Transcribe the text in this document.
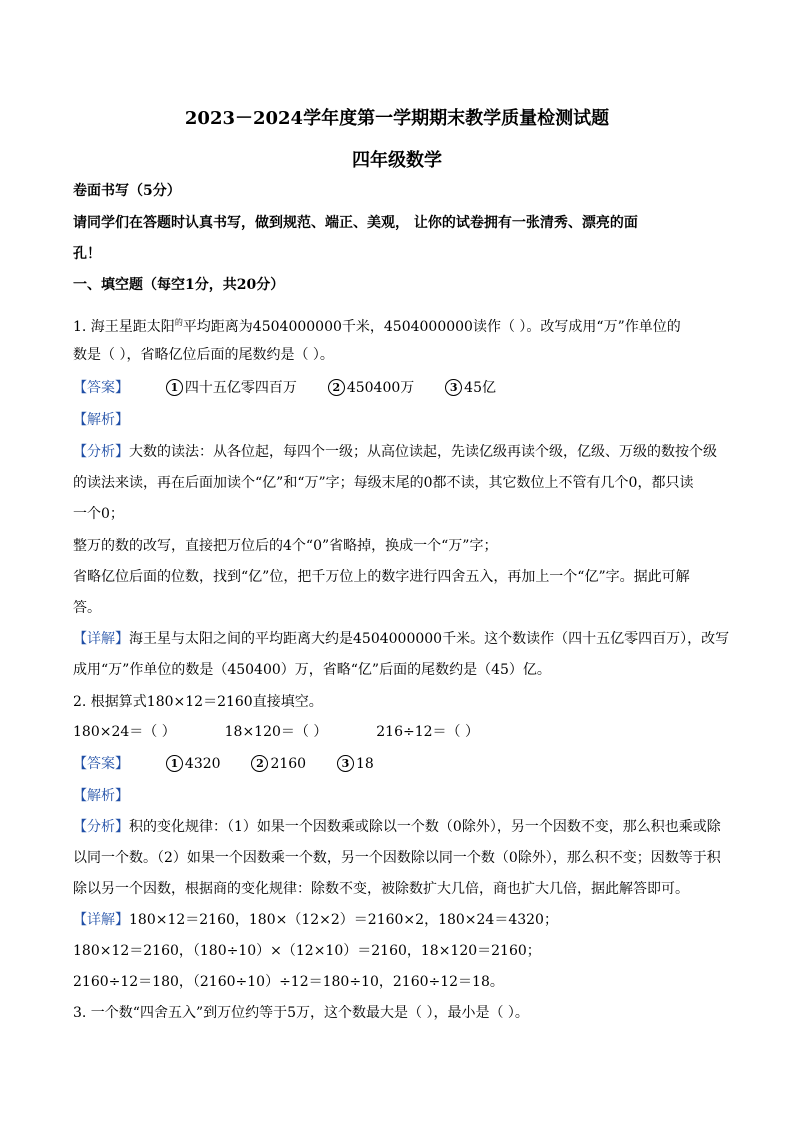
2023－2024学年度第一学期期末教学质量检测试题
四年级数学
卷面书写（5分）
请同学们在答题时认真书写，做到规范、端正、美观， 让你的试卷拥有一张清秀、漂亮的面
孔！
一、填空题（每空1分，共20分）
1. 海王星距太阳$^的$平均距离为4504000000千米，4504000000读作（ ）。改写成用“万”作单位的
数是（ ），省略亿位后面的尾数约是（ ）。
【答案】	1 四十五亿零四百万	2 450400万	3 45亿
【解析】
【分析】大数的读法：从各位起，每四个一级；从高位读起，先读亿级再读个级，亿级、万级的数按个级
的读法来读，再在后面加读个“亿”和“万”字；每级末尾的0都不读，其它数位上不管有几个0，都只读
一个0；
整万的数的改写，直接把万位后的4个“0”省略掉，换成一个“万”字；
省略亿位后面的位数，找到“亿”位，把千万位上的数字进行四舍五入，再加上一个“亿”字。据此可解
答。
【详解】海王星与太阳之间的平均距离大约是4504000000千米。这个数读作（四十五亿零四百万），改写
成用“万”作单位的数是（450400）万，省略“亿”后面的尾数约是（45）亿。
2. 根据算式180×12＝2160直接填空。
180×24＝（ ）	18×120＝（ ）	216÷12＝（ ）
【答案】	1 4320	2 2160	3 18
【解析】
【分析】积的变化规律：（1）如果一个因数乘或除以一个数（0除外），另一个因数不变，那么积也乘或除
以同一个数。（2）如果一个因数乘一个数，另一个因数除以同一个数（0除外），那么积不变；因数等于积
除以另一个因数，根据商的变化规律：除数不变，被除数扩大几倍，商也扩大几倍，据此解答即可。
【详解】180×12＝2160，180×（12×2）＝2160×2，180×24＝4320；
180×12＝2160，（180÷10）×（12×10）＝2160，18×120＝2160；
2160÷12＝180，（2160÷10）÷12＝180÷10，2160÷12＝18。
3. 一个数“四舍五入”到万位约等于5万，这个数最大是（ ），最小是（ ）。
